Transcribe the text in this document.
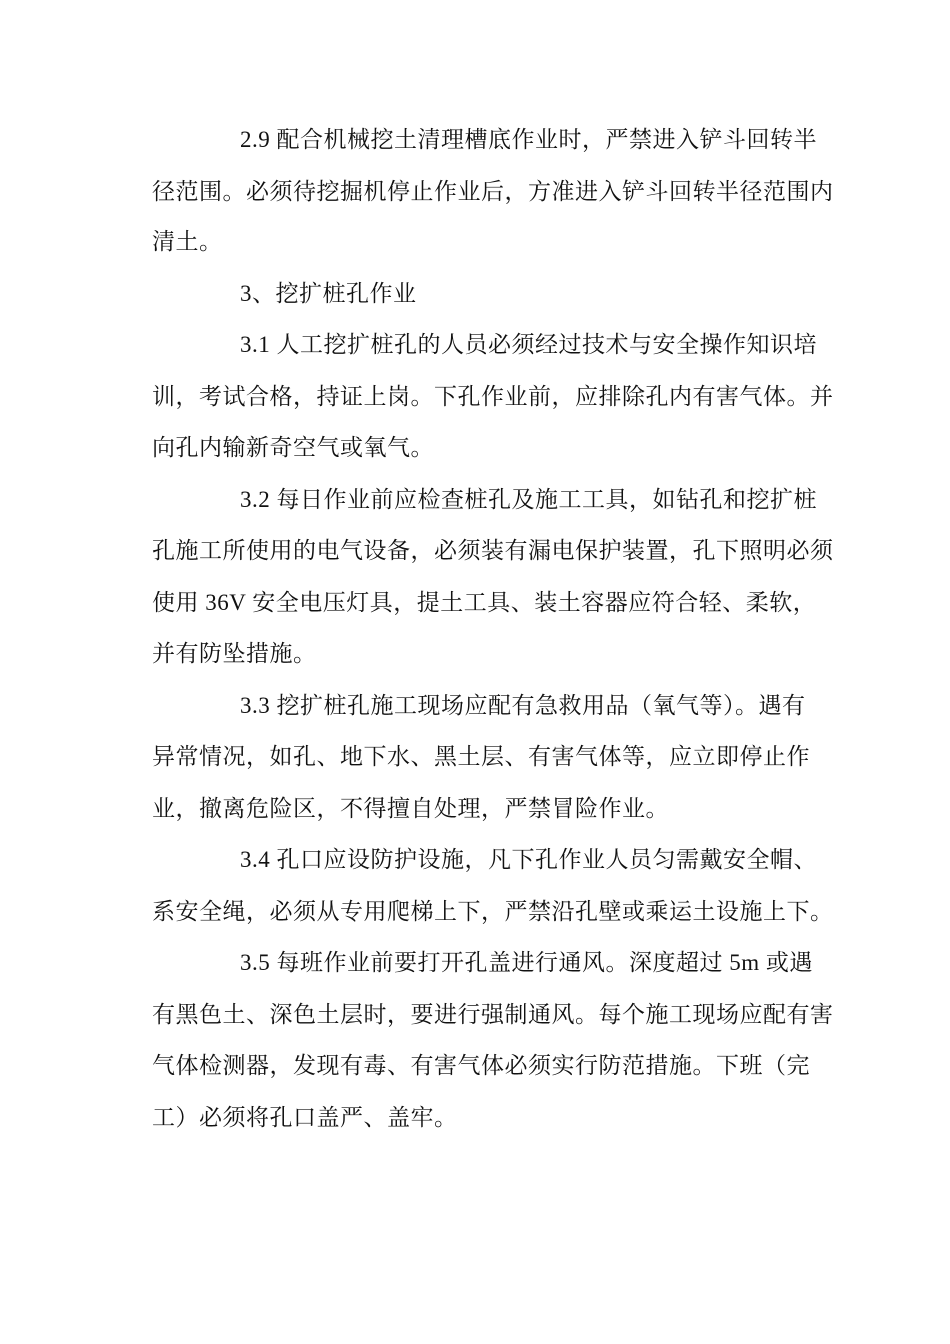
2.9 配合机械挖土清理槽底作业时，严禁进入铲斗回转半
径范围。必须待挖掘机停止作业后，方准进入铲斗回转半径范围内
清土。
3、挖扩桩孔作业
3.1 人工挖扩桩孔的人员必须经过技术与安全操作知识培
训，考试合格，持证上岗。下孔作业前，应排除孔内有害气体。并
向孔内输新奇空气或氧气。
3.2 每日作业前应检查桩孔及施工工具，如钻孔和挖扩桩
孔施工所使用的电气设备，必须装有漏电保护装置，孔下照明必须
使用 36V 安全电压灯具，提土工具、装土容器应符合轻、柔软，
并有防坠措施。
3.3 挖扩桩孔施工现场应配有急救用品（氧气等）。遇有
异常情况，如孔、地下水、黑土层、有害气体等，应立即停止作
业，撤离危险区，不得擅自处理，严禁冒险作业。
3.4 孔口应设防护设施，凡下孔作业人员匀需戴安全帽、
系安全绳，必须从专用爬梯上下，严禁沿孔壁或乘运土设施上下。
3.5 每班作业前要打开孔盖进行通风。深度超过 5m 或遇
有黑色土、深色土层时，要进行强制通风。每个施工现场应配有害
气体检测器，发现有毒、有害气体必须实行防范措施。下班（完
工）必须将孔口盖严、盖牢。
